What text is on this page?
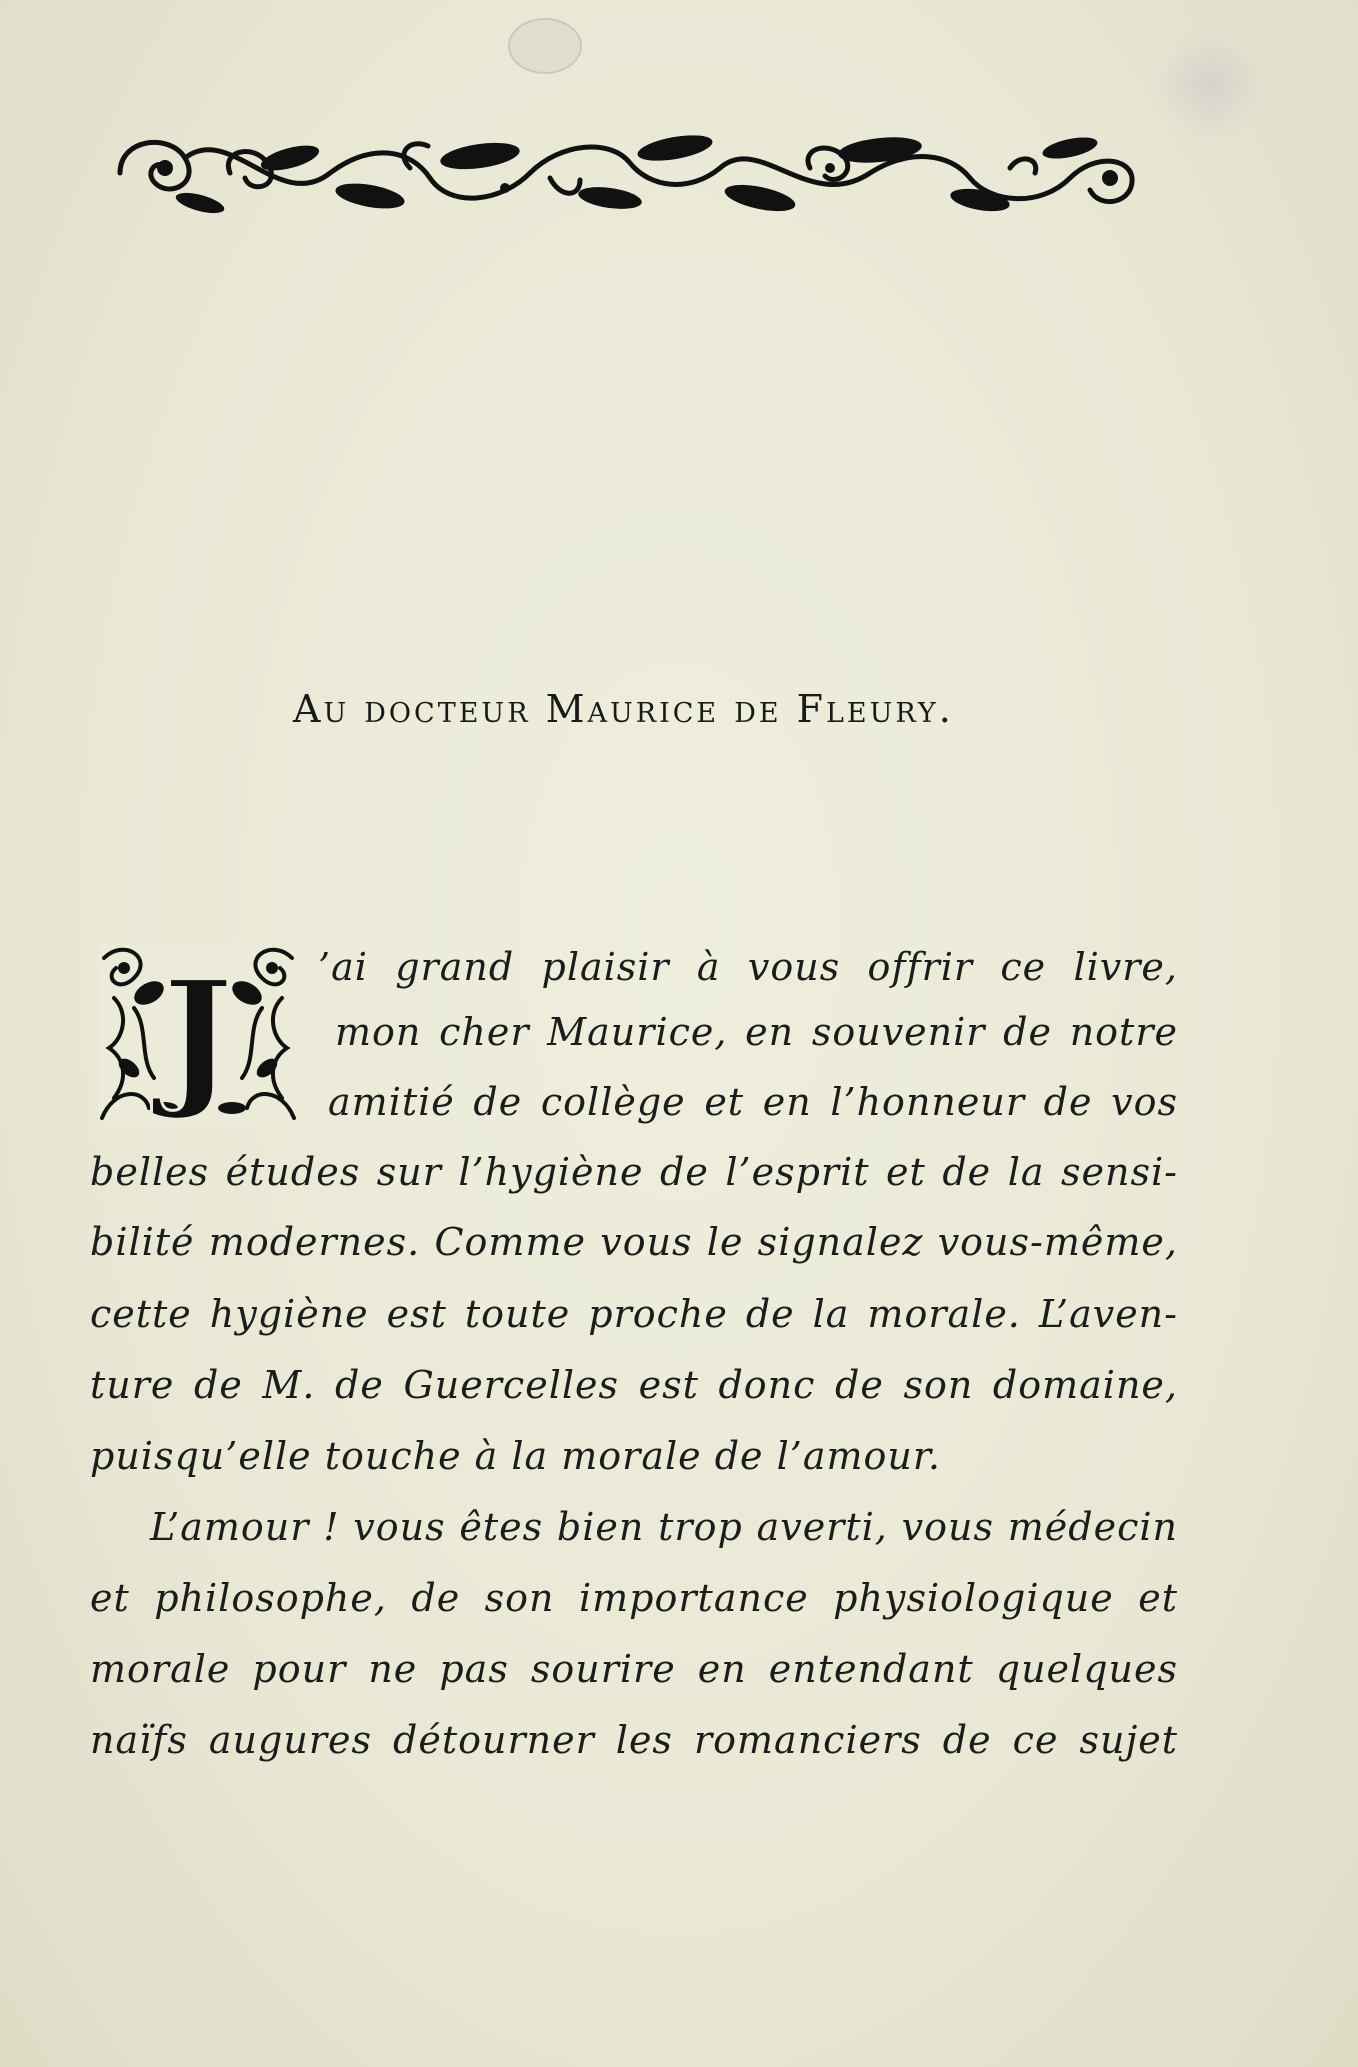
Au docteur Maurice de Fleury.
J ’ai grand plaisir à vous offrir ce livre,
mon cher Maurice, en souvenir de notre
amitié de collège et en l’honneur de vos
belles études sur l’hygiène de l’esprit et de la sensi-
bilité modernes. Comme vous le signalez vous-même,
cette hygiène est toute proche de la morale. L’aven-
ture de M. de Guercelles est donc de son domaine,
puisqu’elle touche à la morale de l’amour.
L’amour ! vous êtes bien trop averti, vous médecin
et philosophe, de son importance physiologique et
morale pour ne pas sourire en entendant quelques
naïfs augures détourner les romanciers de ce sujet
